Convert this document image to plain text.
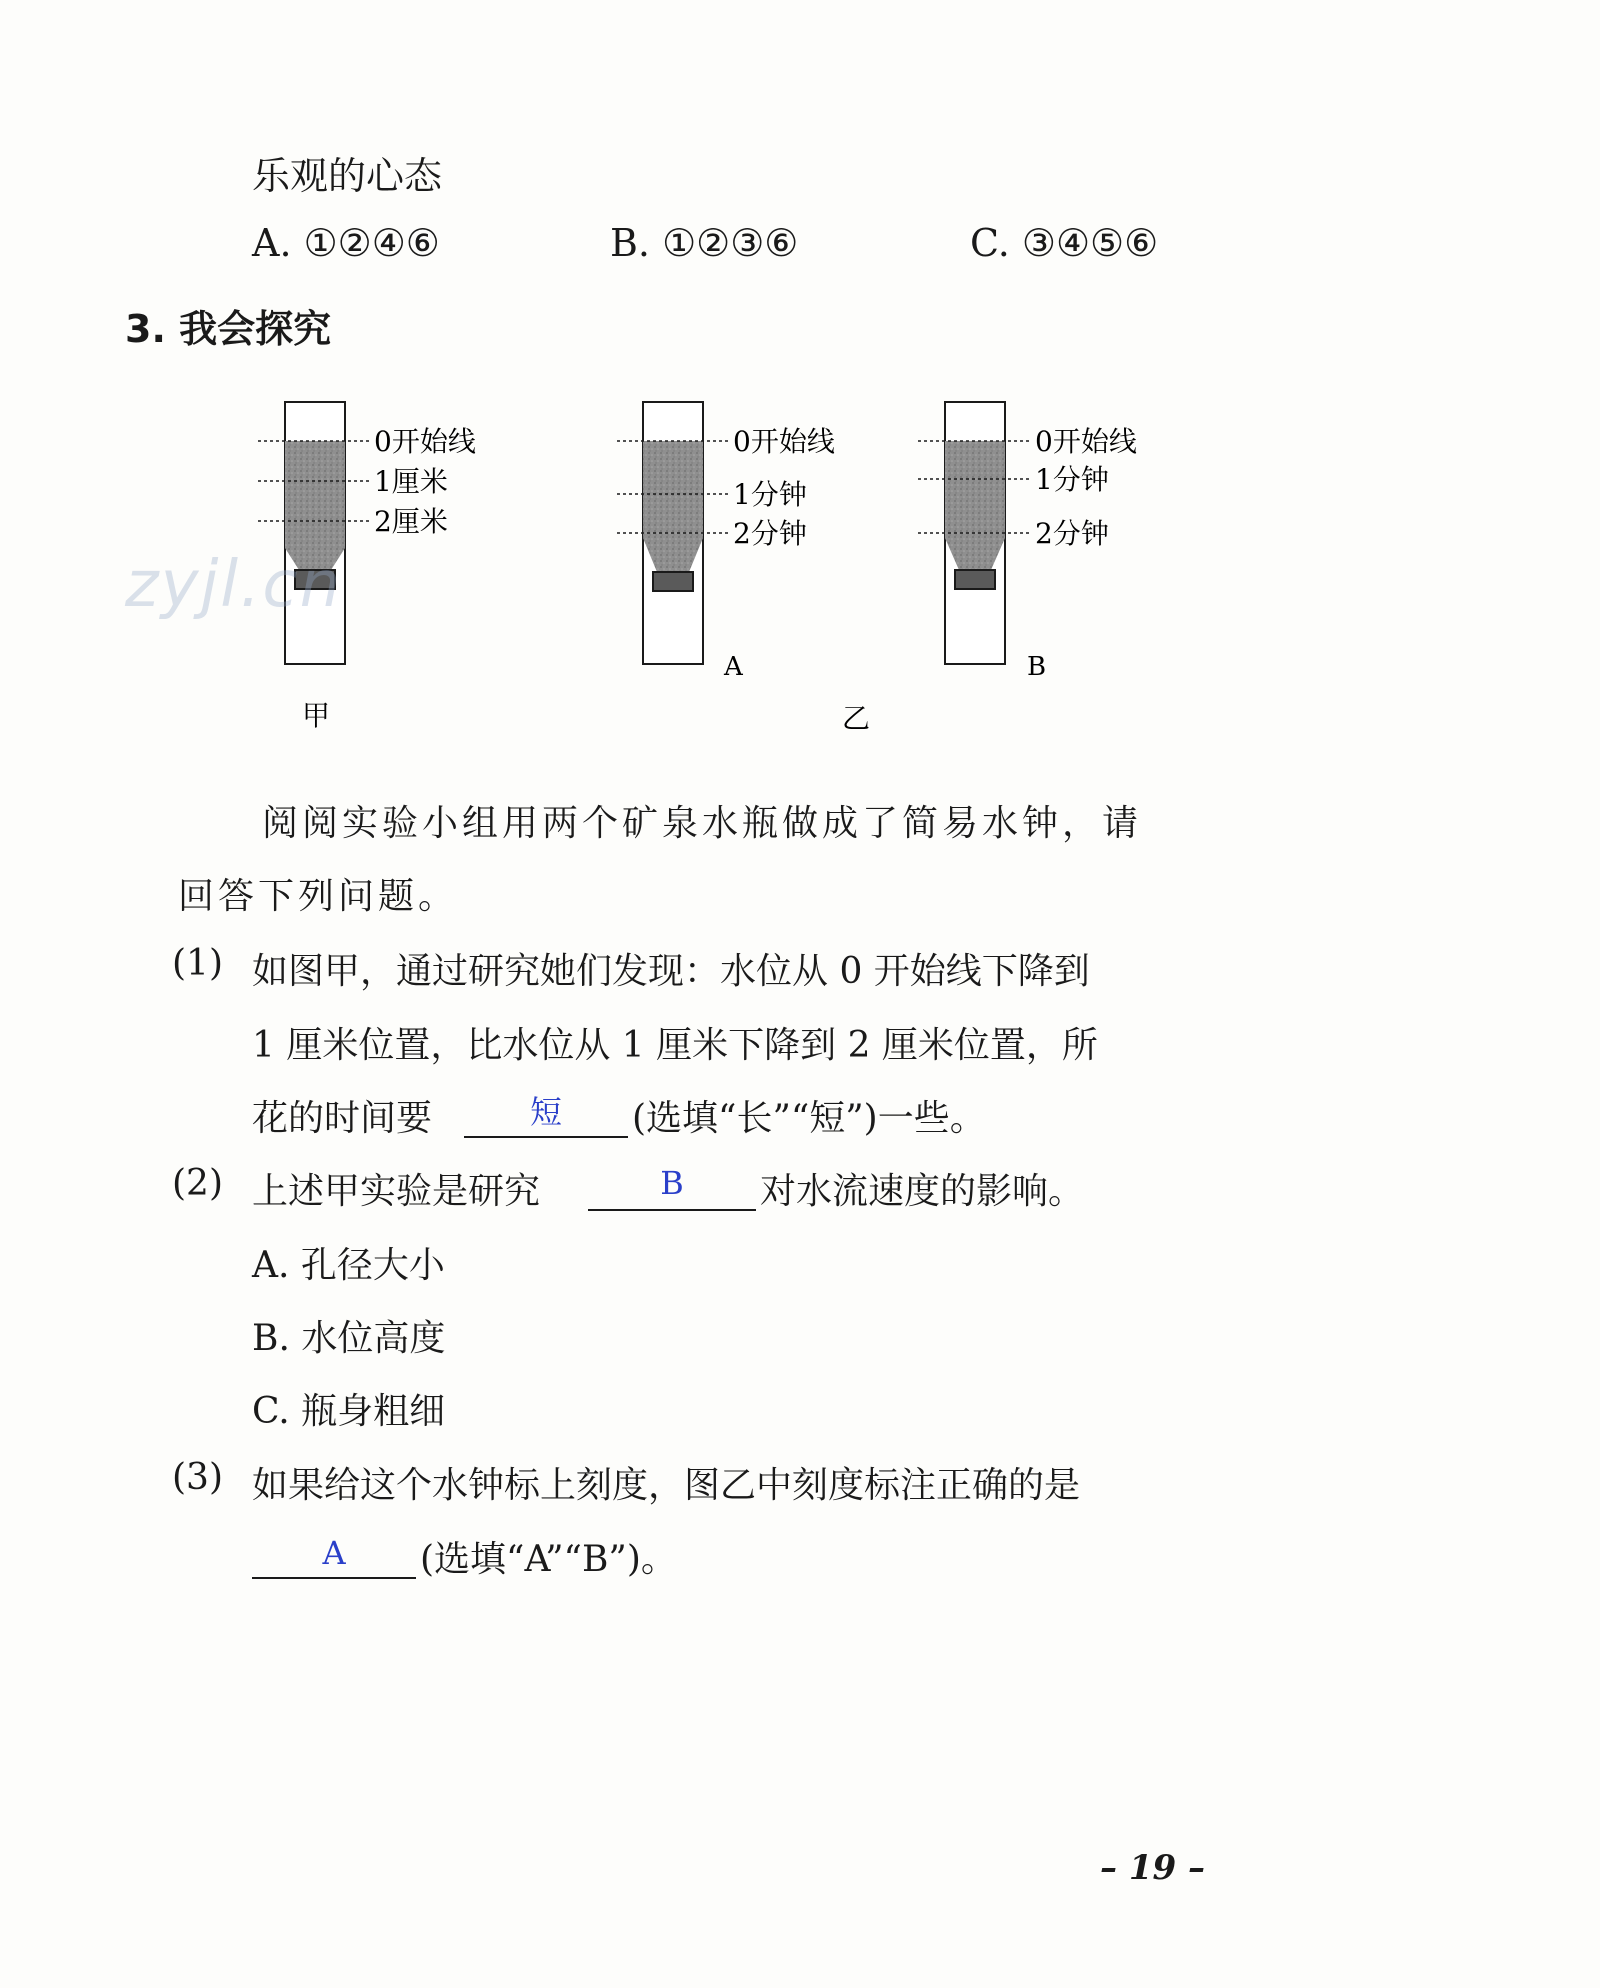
乐观的心态
A. ①②④⑥	B. ①②③⑥	C. ③④⑤⑥
3. 我会探究
0开始线
1厘米
2厘米
甲
0开始线
1分钟
2分钟
A
0开始线
1分钟
2分钟
B
乙
zyjl.cn
阅阅实验小组用两个矿泉水瓶做成了简易水钟，请
回答下列问题。
(1) 如图甲，通过研究她们发现：水位从 0 开始线下降到
1 厘米位置，比水位从 1 厘米下降到 2 厘米位置，所
花的时间要	短	(选填“长”“短”)一些。
(2) 上述甲实验是研究	B	对水流速度的影响。
A. 孔径大小
B. 水位高度
C. 瓶身粗细
(3) 如果给这个水钟标上刻度，图乙中刻度标注正确的是
A	(选填“A”“B”)。
– 19 –
